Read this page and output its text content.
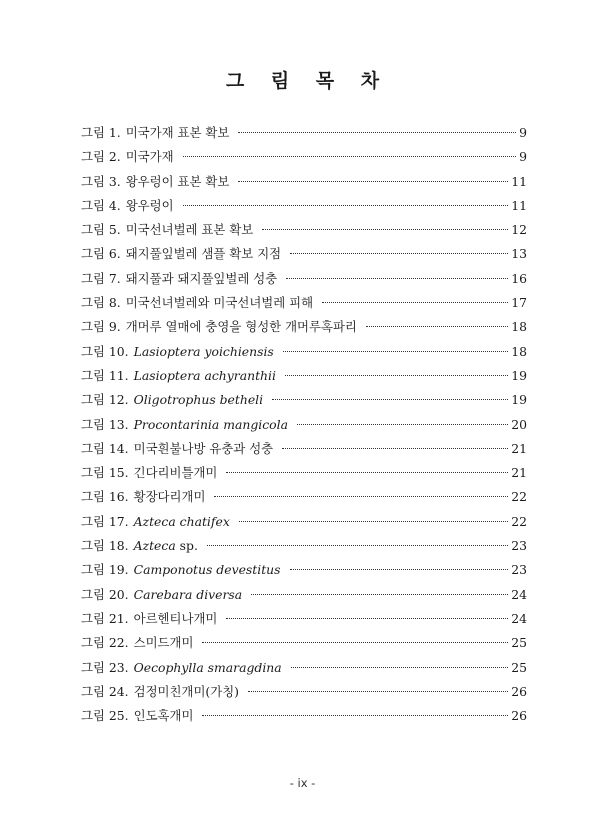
그 림 목 차
그림 1. 미국가재 표본 확보	9
그림 2. 미국가재	9
그림 3. 왕우렁이 표본 확보	11
그림 4. 왕우렁이	11
그림 5. 미국선녀벌레 표본 확보	12
그림 6. 돼지풀잎벌레 샘플 확보 지점	13
그림 7. 돼지풀과 돼지풀잎벌레 성충	16
그림 8. 미국선녀벌레와 미국선녀벌레 피해	17
그림 9. 개머루 열매에 충영을 형성한 개머루혹파리	18
그림 10. Lasioptera yoichiensis	18
그림 11. Lasioptera achyranthii	19
그림 12. Oligotrophus betheli	19
그림 13. Procontarinia mangicola	20
그림 14. 미국흰불나방 유충과 성충	21
그림 15. 긴다리비틀개미	21
그림 16. 황장다리개미	22
그림 17. Azteca chatifex	22
그림 18. Azteca sp.	23
그림 19. Camponotus devestitus	23
그림 20. Carebara diversa	24
그림 21. 아르헨티나개미	24
그림 22. 스미드개미	25
그림 23. Oecophylla smaragdina	25
그림 24. 검정미친개미(가칭)	26
그림 25. 인도혹개미	26
- ix -
